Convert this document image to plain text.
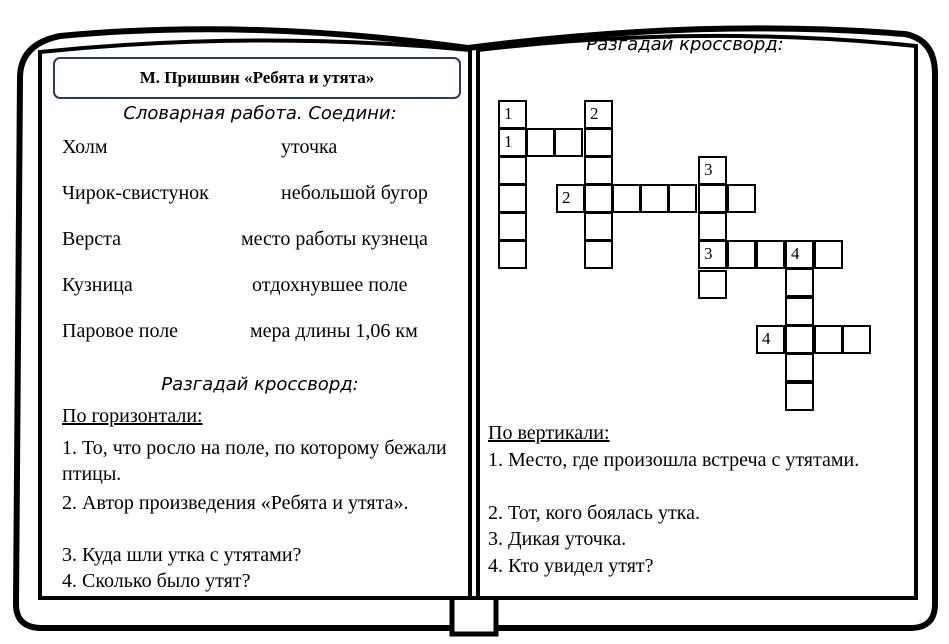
М. Пришвин «Ребята и утята»
Словарная работа. Соедини:
Холм	уточка
Чирок-свистунок	небольшой бугор
Верста	место работы кузнеца
Кузница	отдохнувшее поле
Паровое поле	мера длины 1,06 км
Разгадай кроссворд:
По горизонтали:
1. То, что росло на поле, по которому бежали птицы.
2. Автор произведения «Ребята и утята».
3. Куда шли утка с утятами?
4. Сколько было утят?
Разгадай кроссворд:
1
1
2
2
3
3	4
4
По вертикали:
1. Место, где произошла встреча с утятами.
2. Тот, кого боялась утка.
3. Дикая уточка.
4. Кто увидел утят?
